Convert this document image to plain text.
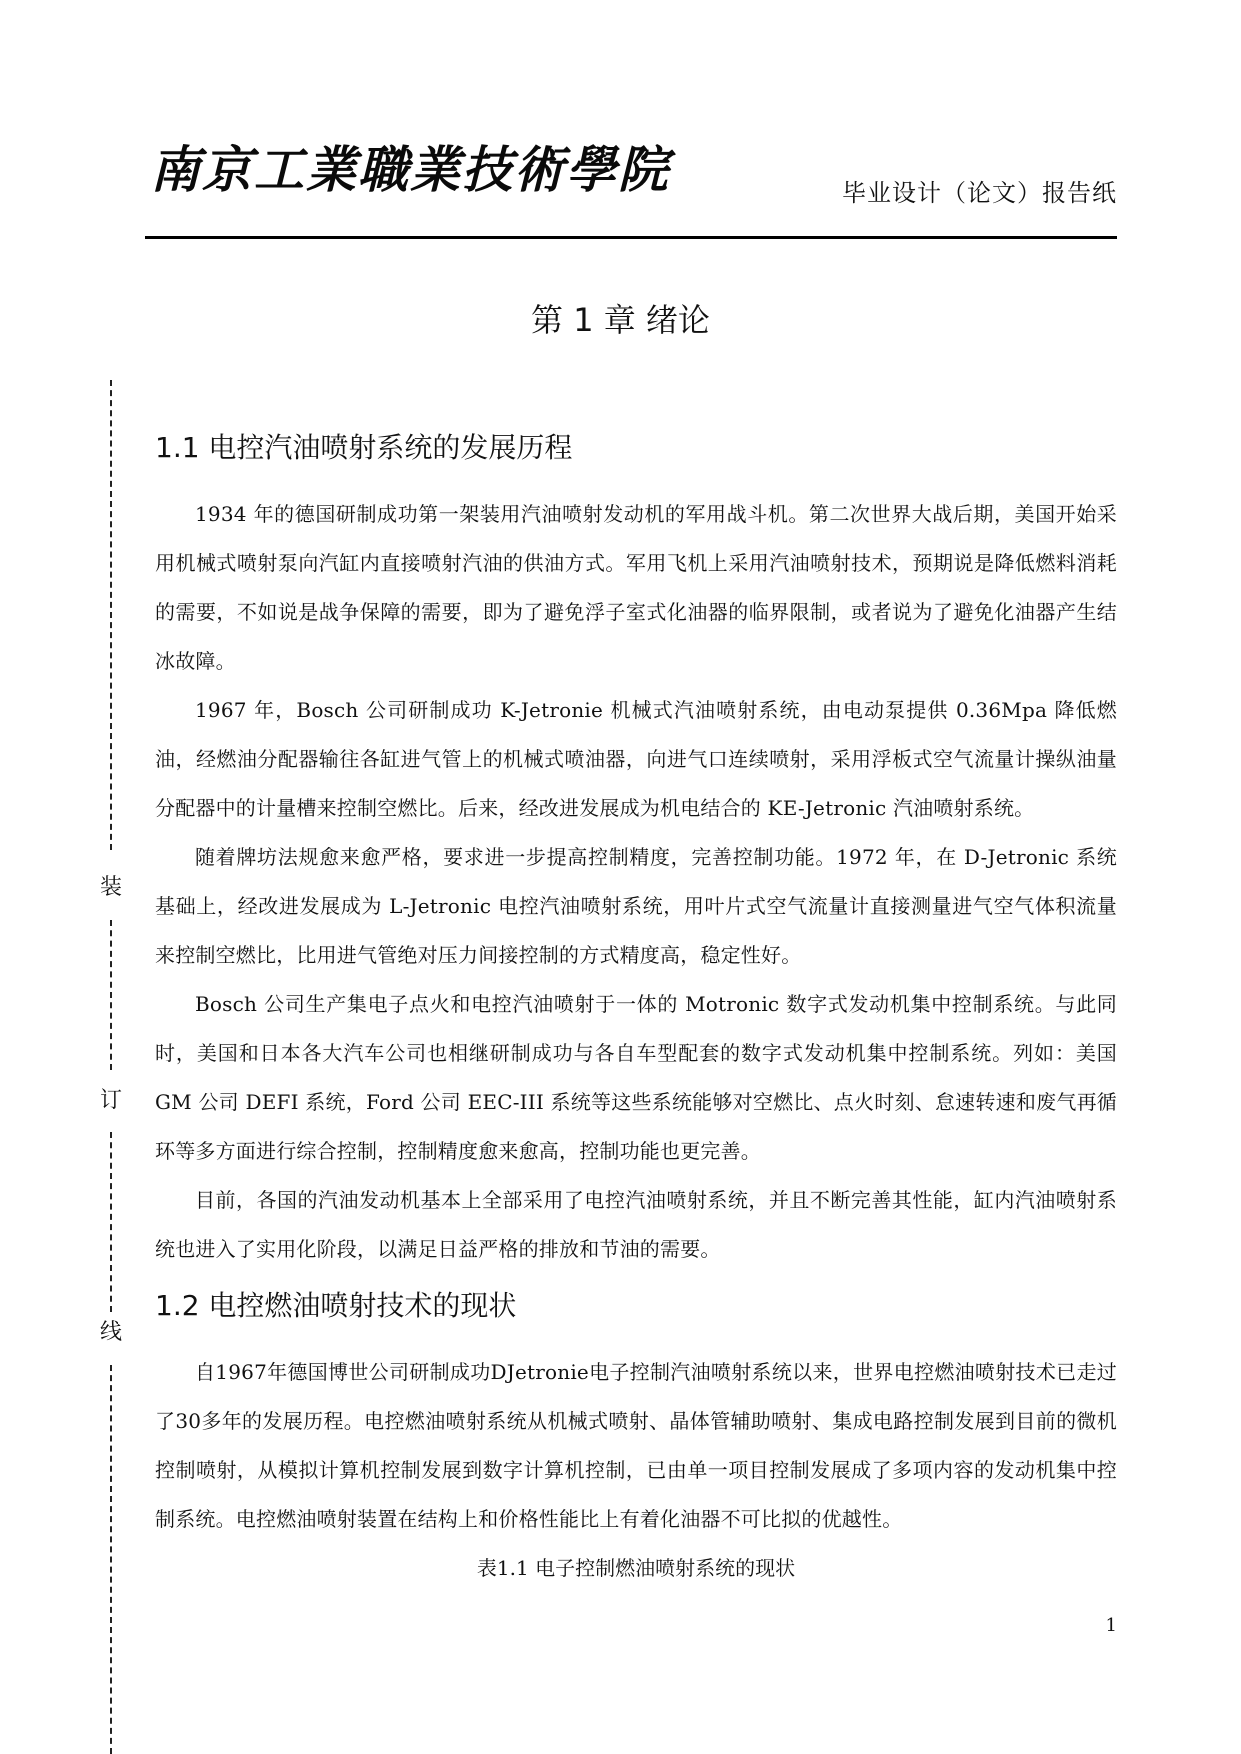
南京工業職業技術學院	毕业设计（论文）报告纸
装
订
线
第 1 章 绪论
1.1 电控汽油喷射系统的发展历程

1934 年的德国研制成功第一架装用汽油喷射发动机的军用战斗机。第二次世界大战后期，美国开始采用机械式喷射泵向汽缸内直接喷射汽油的供油方式。军用飞机上采用汽油喷射技术，预期说是降低燃料消耗的需要，不如说是战争保障的需要，即为了避免浮子室式化油器的临界限制，或者说为了避免化油器产生结冰故障。

1967 年，Bosch 公司研制成功 K-Jetronie 机械式汽油喷射系统，由电动泵提供 0.36Mpa 降低燃油，经燃油分配器输往各缸进气管上的机械式喷油器，向进气口连续喷射，采用浮板式空气流量计操纵油量分配器中的计量槽来控制空燃比。后来，经改进发展成为机电结合的 KE-Jetronic 汽油喷射系统。

随着牌坊法规愈来愈严格，要求进一步提高控制精度，完善控制功能。1972 年，在 D-Jetronic 系统基础上，经改进发展成为 L-Jetronic 电控汽油喷射系统，用叶片式空气流量计直接测量进气空气体积流量来控制空燃比，比用进气管绝对压力间接控制的方式精度高，稳定性好。

Bosch 公司生产集电子点火和电控汽油喷射于一体的 Motronic 数字式发动机集中控制系统。与此同时，美国和日本各大汽车公司也相继研制成功与各自车型配套的数字式发动机集中控制系统。列如：美国 GM 公司 DEFI 系统，Ford 公司 EEC-III 系统等这些系统能够对空燃比、点火时刻、怠速转速和废气再循环等多方面进行综合控制，控制精度愈来愈高，控制功能也更完善。

目前，各国的汽油发动机基本上全部采用了电控汽油喷射系统，并且不断完善其性能，缸内汽油喷射系统也进入了实用化阶段，以满足日益严格的排放和节油的需要。

1.2 电控燃油喷射技术的现状

自1967年德国博世公司研制成功DJetronie电子控制汽油喷射系统以来，世界电控燃油喷射技术已走过了30多年的发展历程。电控燃油喷射系统从机械式喷射、晶体管辅助喷射、集成电路控制发展到目前的微机控制喷射，从模拟计算机控制发展到数字计算机控制，已由单一项目控制发展成了多项内容的发动机集中控制系统。电控燃油喷射装置在结构上和价格性能比上有着化油器不可比拟的优越性。

表1.1 电子控制燃油喷射系统的现状
1
